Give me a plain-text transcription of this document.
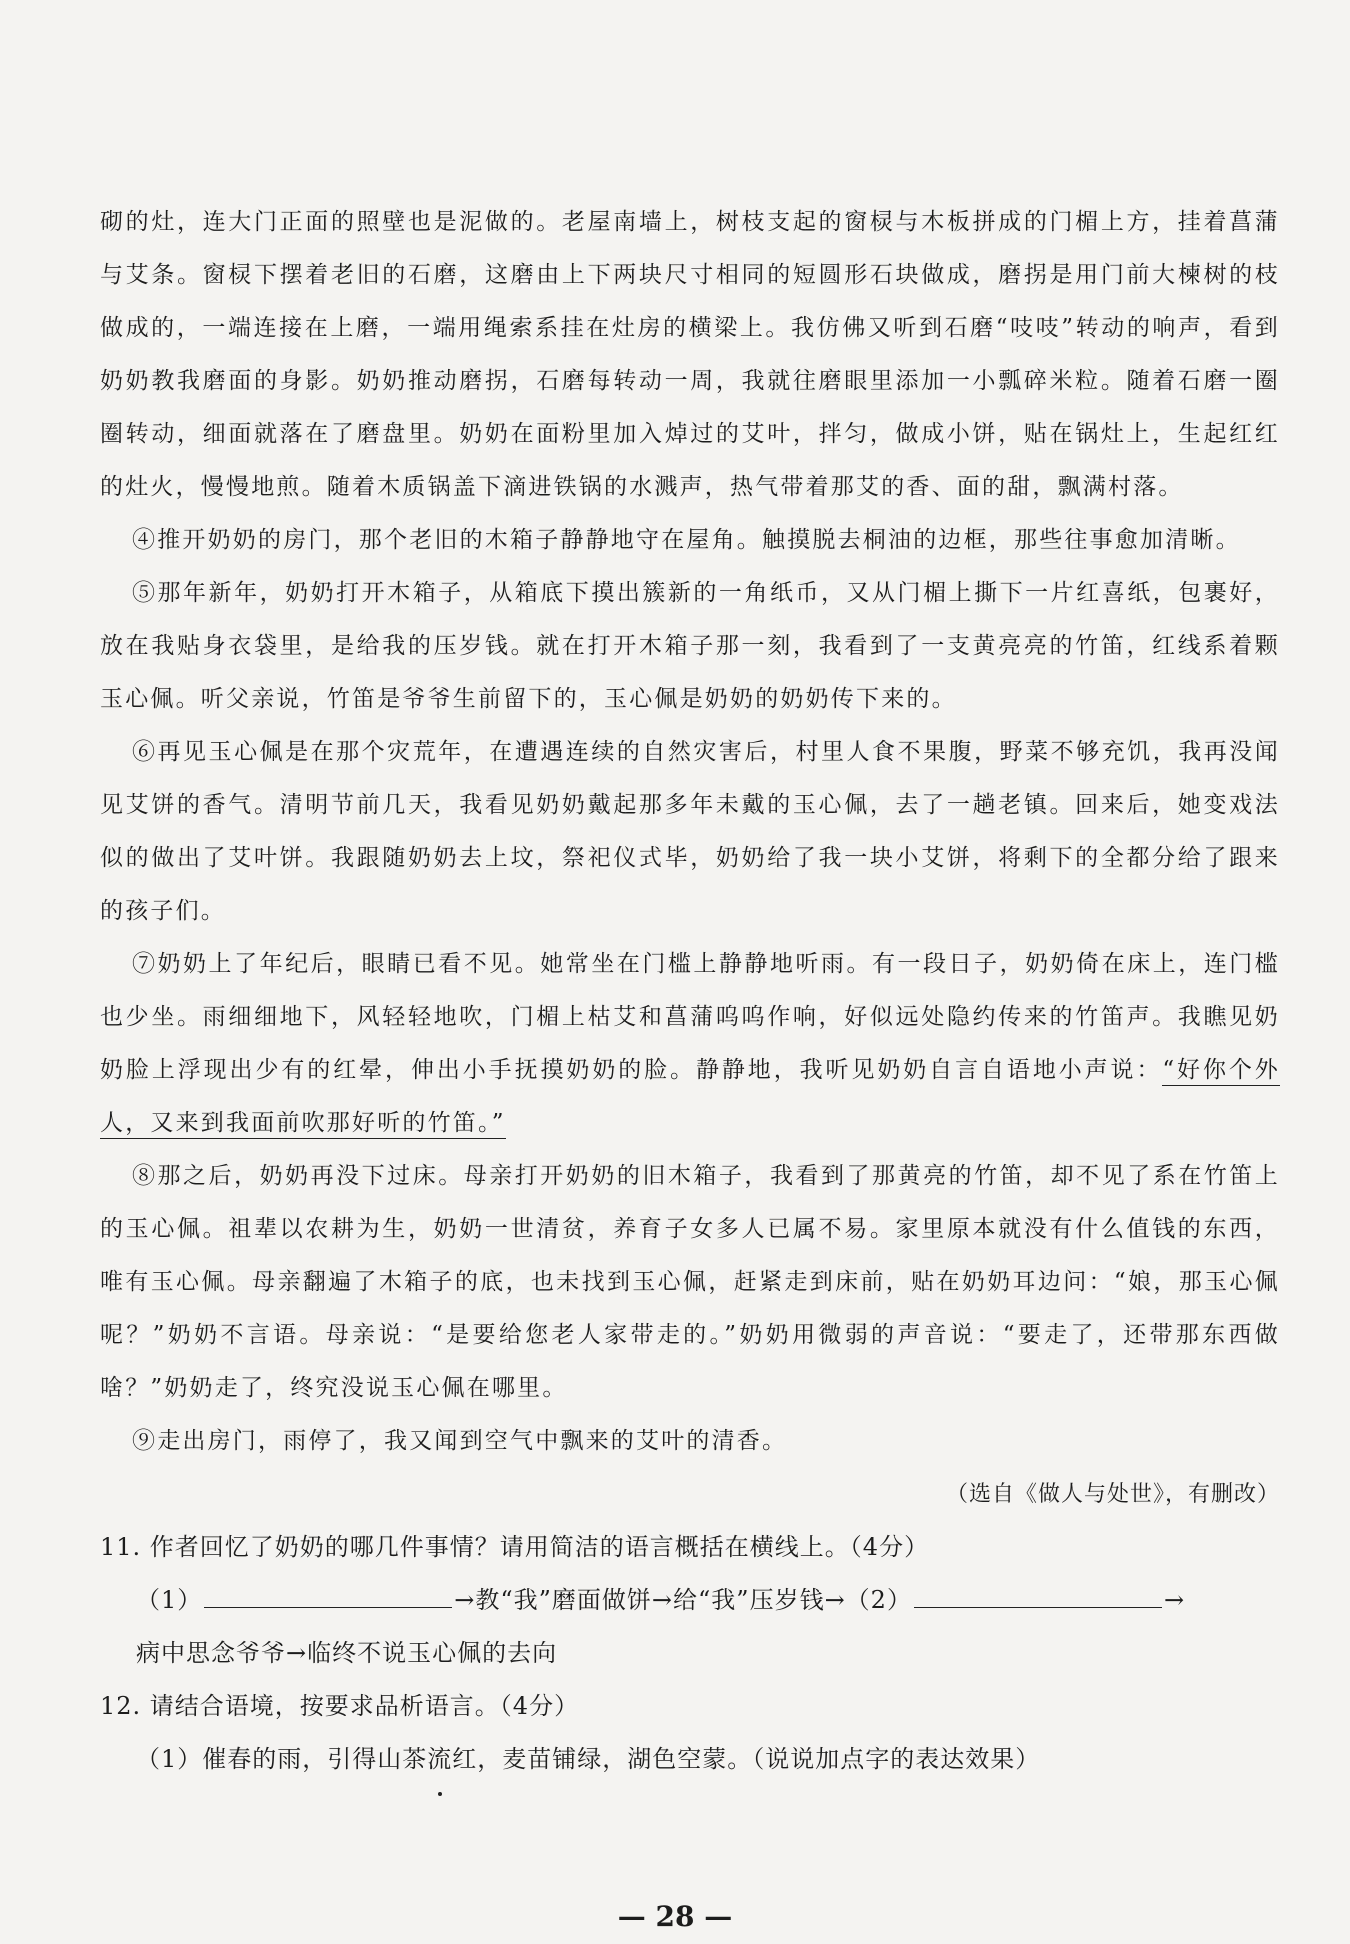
砌的灶，连大门正面的照壁也是泥做的。老屋南墙上，树枝支起的窗棂与木板拼成的门楣上方，挂着菖蒲与艾条。窗棂下摆着老旧的石磨，这磨由上下两块尺寸相同的短圆形石块做成，磨拐是用门前大楝树的枝做成的，一端连接在上磨，一端用绳索系挂在灶房的横梁上。我仿佛又听到石磨“吱吱”转动的响声，看到奶奶教我磨面的身影。奶奶推动磨拐，石磨每转动一周，我就往磨眼里添加一小瓢碎米粒。随着石磨一圈圈转动，细面就落在了磨盘里。奶奶在面粉里加入焯过的艾叶，拌匀，做成小饼，贴在锅灶上，生起红红的灶火，慢慢地煎。随着木质锅盖下滴进铁锅的水溅声，热气带着那艾的香、面的甜，飘满村落。

④推开奶奶的房门，那个老旧的木箱子静静地守在屋角。触摸脱去桐油的边框，那些往事愈加清晰。

⑤那年新年，奶奶打开木箱子，从箱底下摸出簇新的一角纸币，又从门楣上撕下一片红喜纸，包裹好，放在我贴身衣袋里，是给我的压岁钱。就在打开木箱子那一刻，我看到了一支黄亮亮的竹笛，红线系着颗玉心佩。听父亲说，竹笛是爷爷生前留下的，玉心佩是奶奶的奶奶传下来的。

⑥再见玉心佩是在那个灾荒年，在遭遇连续的自然灾害后，村里人食不果腹，野菜不够充饥，我再没闻见艾饼的香气。清明节前几天，我看见奶奶戴起那多年未戴的玉心佩，去了一趟老镇。回来后，她变戏法似的做出了艾叶饼。我跟随奶奶去上坟，祭祀仪式毕，奶奶给了我一块小艾饼，将剩下的全都分给了跟来的孩子们。

⑦奶奶上了年纪后，眼睛已看不见。她常坐在门槛上静静地听雨。有一段日子，奶奶倚在床上，连门槛也少坐。雨细细地下，风轻轻地吹，门楣上枯艾和菖蒲呜呜作响，好似远处隐约传来的竹笛声。我瞧见奶奶脸上浮现出少有的红晕，伸出小手抚摸奶奶的脸。静静地，我听见奶奶自言自语地小声说：“好你个外人，又来到我面前吹那好听的竹笛。”

⑧那之后，奶奶再没下过床。母亲打开奶奶的旧木箱子，我看到了那黄亮的竹笛，却不见了系在竹笛上的玉心佩。祖辈以农耕为生，奶奶一世清贫，养育子女多人已属不易。家里原本就没有什么值钱的东西，唯有玉心佩。母亲翻遍了木箱子的底，也未找到玉心佩，赶紧走到床前，贴在奶奶耳边问：“娘，那玉心佩呢？”奶奶不言语。母亲说：“是要给您老人家带走的。”奶奶用微弱的声音说：“要走了，还带那东西做啥？”奶奶走了，终究没说玉心佩在哪里。

⑨走出房门，雨停了，我又闻到空气中飘来的艾叶的清香。

（选自《做人与处世》，有删改）

11. 作者回忆了奶奶的哪几件事情？请用简洁的语言概括在横线上。（4分）

（1）	→教“我”磨面做饼→给“我”压岁钱→（2）	→

病中思念爷爷→临终不说玉心佩的去向

12. 请结合语境，按要求品析语言。（4分）

（1）催春的雨，引得山茶流红，麦苗铺绿，湖色空蒙。（说说加点字的表达效果）

— 28 —
